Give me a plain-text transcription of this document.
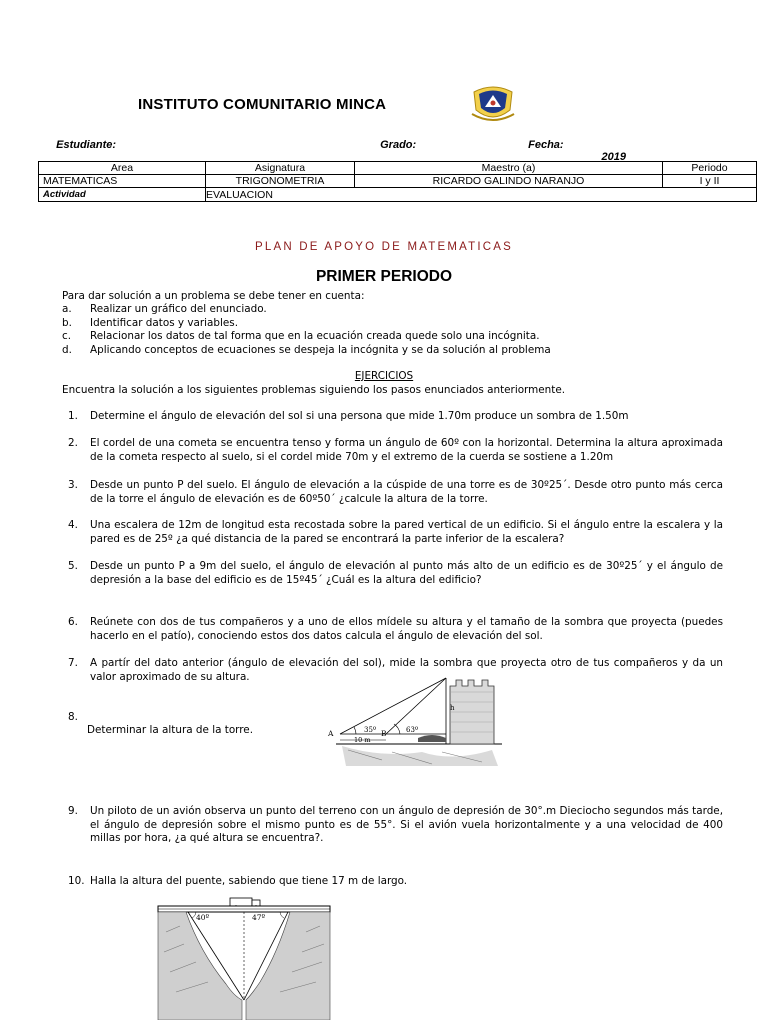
INSTITUTO COMUNITARIO MINCA

Estudiante:
____________________________________

Grado:
_____

Fecha:
____________2019

Area	Asignatura	Maestro (a)	Periodo
MATEMATICAS	TRIGONOMETRIA	RICARDO GALINDO NARANJO	I y II
Actividad	EVALUACION		
PLAN DE APOYO DE MATEMATICAS
PRIMER PERIODO
Para dar solución a un problema se debe tener en cuenta:
a.	Realizar un gráfico del enunciado.
b.	Identificar datos y variables.
c.	Relacionar los datos de tal forma que en la ecuación creada quede solo una incógnita.
d.	Aplicando conceptos de ecuaciones se despeja la incógnita y se da solución al problema
EJERCICIOS
Encuentra la solución a los siguientes problemas siguiendo los pasos enunciados anteriormente.
1.	Determine el ángulo de elevación del sol si una persona que mide 1.70m produce un sombra de 1.50m
2.	El cordel de una cometa se encuentra tenso y forma un ángulo de 60º con la horizontal. Determina la altura aproximada de la cometa respecto al suelo, si el cordel mide 70m y el extremo de la cuerda se sostiene a 1.20m
3.	Desde un punto P del suelo. El ángulo de elevación a la cúspide de una torre es de 30º25´. Desde otro punto más cerca de la torre el ángulo de elevación es de 60º50´ ¿calcule la altura de la torre.
4.	Una escalera de 12m de longitud esta recostada sobre la pared vertical de un edificio. Si el ángulo entre la escalera y la pared es de 25º ¿a qué distancia de la pared se encontrará la parte inferior de la escalera?
5.	Desde un punto P a 9m del suelo, el ángulo de elevación al punto más alto de un edificio es de 30º25´ y el ángulo de depresión a la base del edificio es de 15º45´ ¿Cuál es la altura del edificio?
6.	Reúnete con dos de tus compañeros y a uno de ellos mídele su altura y el tamaño de la sombra que proyecta (puedes hacerlo en el patío), conociendo estos dos datos calcula el ángulo de elevación del sol.
7.	A partír del dato anterior (ángulo de elevación del sol), mide la sombra que proyecta otro de tus compañeros y da un valor aproximado de su altura.
8.
Determinar la altura de la torre.
h
35º	63º
A	B
10 m
9.	Un piloto de un avión observa un punto del terreno con un ángulo de depresión de 30°.m Dieciocho segundos más tarde, el ángulo de depresión sobre el mismo punto es de 55°. Si el avión vuela horizontalmente y a una velocidad de 400 millas por hora, ¿a qué altura se encuentra?.
10. Halla la altura del puente, sabiendo que tiene 17 m de largo.
40º	47º
